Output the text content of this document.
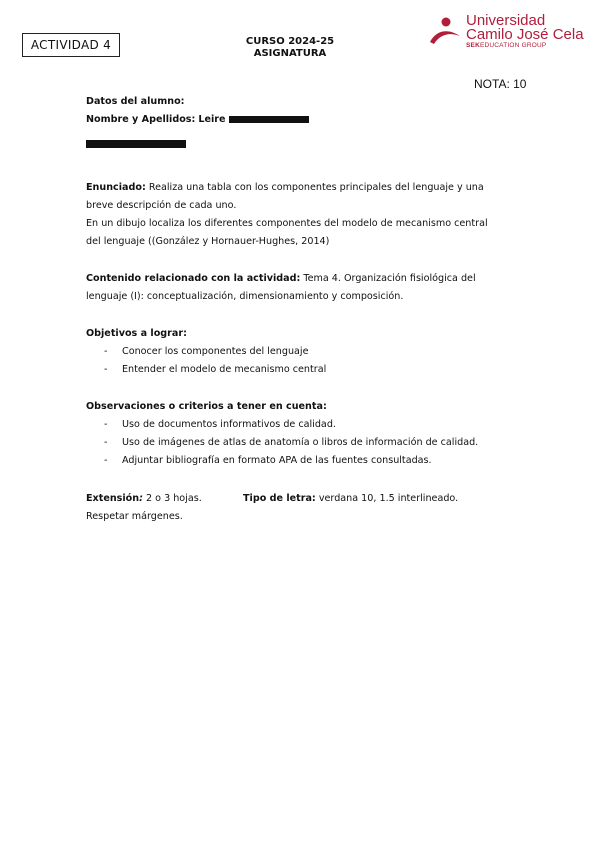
ACTIVIDAD 4	CURSO 2024-25
ASIGNATURA
Universidad
Camilo José Cela
SEKEDUCATION GROUP
NOTA: 10
Datos del alumno:
Nombre y Apellidos: Leire
Enunciado: Realiza una tabla con los componentes principales del lenguaje y una
breve descripción de cada uno.
En un dibujo localiza los diferentes componentes del modelo de mecanismo central
del lenguaje ((González y Hornauer-Hughes, 2014)
Contenido relacionado con la actividad: Tema 4. Organización fisiológica del
lenguaje (I): conceptualización, dimensionamiento y composición.
Objetivos a lograr:
- Conocer los componentes del lenguaje
- Entender el modelo de mecanismo central
Observaciones o criterios a tener en cuenta:
- Uso de documentos informativos de calidad.
- Uso de imágenes de atlas de anatomía o libros de información de calidad.
- Adjuntar bibliografía en formato APA de las fuentes consultadas.
Extensión: 2 o 3 hojas.	Tipo de letra: verdana 10, 1.5 interlineado.
Respetar márgenes.
